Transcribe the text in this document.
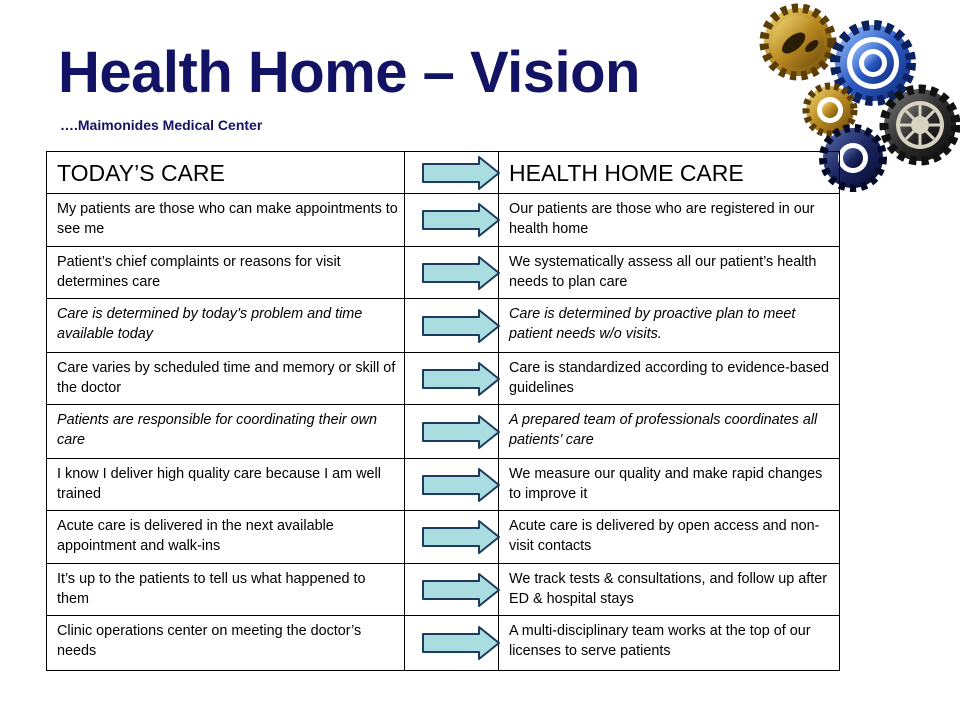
Health Home – Vision
….Maimonides Medical Center
TODAY’S CARE		HEALTH HOME CARE
My patients are those who can make appointments to see me		Our patients are those who are registered in our health home
Patient’s chief complaints or reasons for visit determines care		We systematically assess all our patient’s health needs to plan care
Care is determined by today’s problem and time available today		Care is determined by proactive plan to meet patient needs w/o visits.
Care varies by scheduled time and memory or skill of the doctor		Care is standardized according to evidence-based guidelines
Patients are responsible for coordinating their own care		A prepared team of professionals coordinates all patients’ care
I know I deliver high quality care because I am well trained		We measure our quality and make rapid changes to improve it
Acute care is delivered in the next available appointment and walk-ins		Acute care is delivered by open access and non-visit contacts
It’s up to the patients to tell us what happened to them		We track tests & consultations, and follow up after ED & hospital stays
Clinic operations center on meeting the doctor’s needs		A multi-disciplinary team works at the top of our licenses to serve patients
